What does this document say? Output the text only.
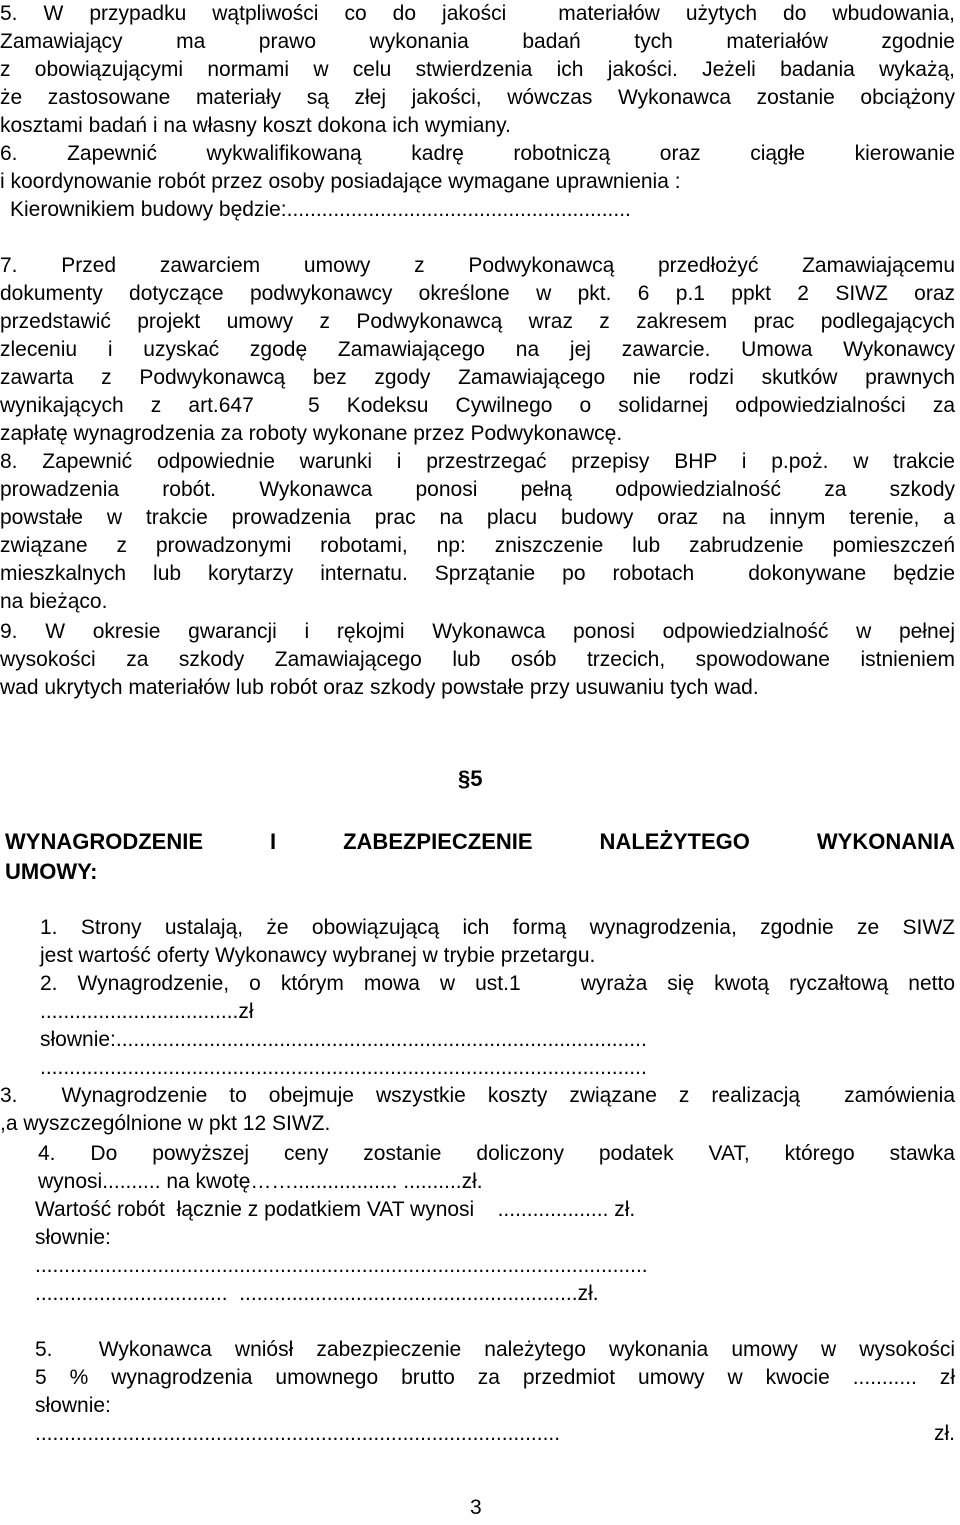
5. W przypadku wątpliwości co do jakości  materiałów użytych do wbudowania,
Zamawiający  ma  prawo  wykonania  badań  tych  materiałów  zgodnie
z obowiązującymi normami w celu stwierdzenia ich jakości. Jeżeli badania wykażą,
że zastosowane materiały są złej jakości, wówczas Wykonawca zostanie obciążony
kosztami badań i na własny koszt dokona ich wymiany.
6.  Zapewnić  wykwalifikowaną  kadrę  robotniczą  oraz  ciągłe  kierowanie
i koordynowanie robót przez osoby posiadające wymagane uprawnienia :
Kierownikiem budowy będzie:...........................................................
7.  Przed  zawarciem  umowy  z  Podwykonawcą  przedłożyć  Zamawiającemu
dokumenty dotyczące podwykonawcy określone w pkt. 6 p.1 ppkt 2 SIWZ oraz
przedstawić projekt umowy z Podwykonawcą wraz z zakresem prac podlegających
zleceniu i uzyskać zgodę Zamawiającego na jej zawarcie. Umowa Wykonawcy
zawarta z Podwykonawcą bez zgody Zamawiającego nie rodzi skutków prawnych
wynikających z art.647  5 Kodeksu Cywilnego o solidarnej odpowiedzialności za
zapłatę wynagrodzenia za roboty wykonane przez Podwykonawcę.
8. Zapewnić odpowiednie warunki i przestrzegać przepisy BHP i p.poż. w trakcie
prowadzenia  robót.  Wykonawca  ponosi  pełną  odpowiedzialność  za  szkody
powstałe w trakcie prowadzenia prac na placu budowy oraz na innym terenie, a
związane z prowadzonymi robotami, np: zniszczenie lub zabrudzenie pomieszczeń
mieszkalnych lub korytarzy internatu. Sprzątanie po robotach  dokonywane będzie
na bieżąco.
9.  W  okresie  gwarancji  i  rękojmi  Wykonawca  ponosi  odpowiedzialność  w  pełnej
wysokości za szkody Zamawiającego lub osób trzecich, spowodowane istnieniem
wad ukrytych materiałów lub robót oraz szkody powstałe przy usuwaniu tych wad.
1. Strony ustalają, że obowiązującą ich formą wynagrodzenia, zgodnie ze SIWZ
jest wartość oferty Wykonawcy wybranej w trybie przetargu.
2. Wynagrodzenie, o którym mowa w ust.1   wyraża się kwotą ryczałtową netto
..................................zł
słownie:...........................................................................................
........................................................................................................
3.  Wynagrodzenie to obejmuje wszystkie koszty związane z realizacją  zamówienia
,a wyszczególnione w pkt 12 SIWZ.
4.  Do  powyższej  ceny  zostanie  doliczony  podatek  VAT,  którego  stawka
wynosi.......... na kwotę…….................. ..........zł.
Wartość robót  łącznie z podatkiem VAT wynosi    ................... zł.
słownie:
.........................................................................................................
.................................  ..........................................................zł.
5.  Wykonawca wniósł zabezpieczenie należytego wykonania umowy w wysokości
5 % wynagrodzenia umownego brutto za przedmiot umowy w kwocie ........... zł
słownie:
..........................................................................................     zł.
§5
WYNAGRODZENIE  I  ZABEZPIECZENIE  NALEŻYTEGO  WYKONANIA
UMOWY:
3
